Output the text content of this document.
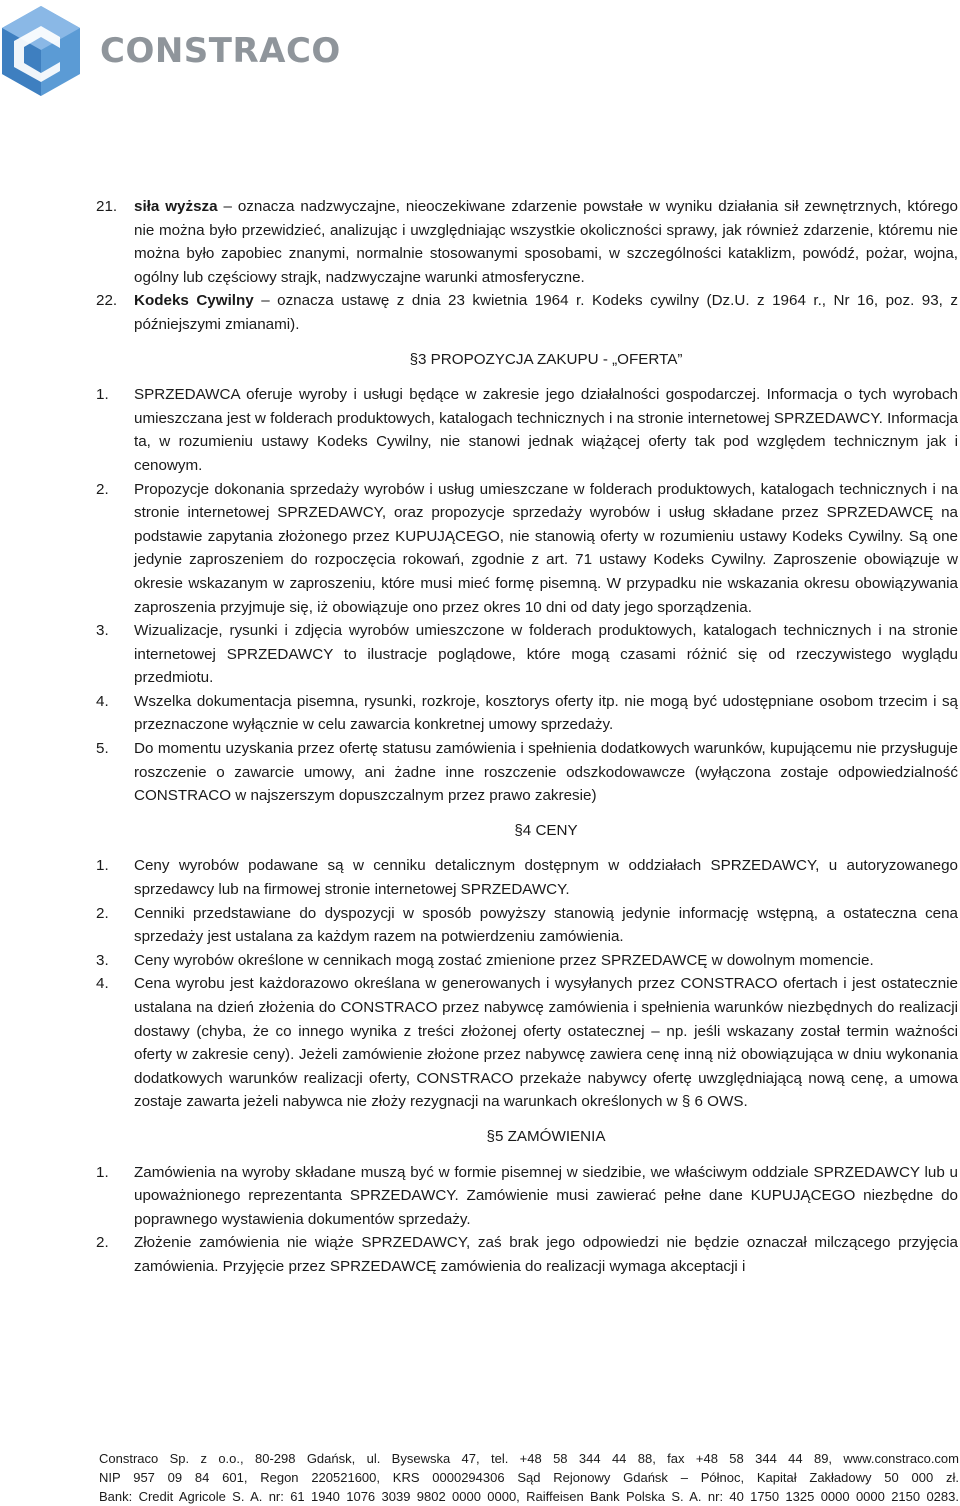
CONSTRACO
21.	siła wyższa – oznacza nadzwyczajne, nieoczekiwane zdarzenie powstałe w wyniku działania sił zewnętrznych, którego nie można było przewidzieć, analizując i uwzględniając wszystkie okoliczności sprawy, jak również zdarzenie, któremu nie można było zapobiec znanymi, normalnie stosowanymi sposobami, w szczególności kataklizm, powódź, pożar, wojna, ogólny lub częściowy strajk, nadzwyczajne warunki atmosferyczne.
22.	Kodeks Cywilny – oznacza ustawę z dnia 23 kwietnia 1964 r. Kodeks cywilny (Dz.U. z 1964 r., Nr 16, poz. 93, z późniejszymi zmianami).
§3 PROPOZYCJA ZAKUPU - „OFERTA”
1.	SPRZEDAWCA oferuje wyroby i usługi będące w zakresie jego działalności gospodarczej. Informacja o tych wyrobach umieszczana jest w folderach produktowych, katalogach technicznych i na stronie internetowej SPRZEDAWCY. Informacja ta, w rozumieniu ustawy Kodeks Cywilny, nie stanowi jednak wiążącej oferty tak pod względem technicznym jak i cenowym.
2.	Propozycje dokonania sprzedaży wyrobów i usług umieszczane w folderach produktowych, katalogach technicznych i na stronie internetowej SPRZEDAWCY, oraz propozycje sprzedaży wyrobów i usług składane przez SPRZEDAWCĘ na podstawie zapytania złożonego przez KUPUJĄCEGO, nie stanowią oferty w rozumieniu ustawy Kodeks Cywilny. Są one jedynie zaproszeniem do rozpoczęcia rokowań, zgodnie z art. 71 ustawy Kodeks Cywilny. Zaproszenie obowiązuje w okresie wskazanym w zaproszeniu, które musi mieć formę pisemną. W przypadku nie wskazania okresu obowiązywania zaproszenia przyjmuje się, iż obowiązuje ono przez okres 10 dni od daty jego sporządzenia.
3.	Wizualizacje, rysunki i zdjęcia wyrobów umieszczone w folderach produktowych, katalogach technicznych i na stronie internetowej SPRZEDAWCY to ilustracje poglądowe, które mogą czasami różnić się od rzeczywistego wyglądu przedmiotu.
4.	Wszelka dokumentacja pisemna, rysunki, rozkroje, kosztorys oferty itp. nie mogą być udostępniane osobom trzecim i są przeznaczone wyłącznie w celu zawarcia konkretnej umowy sprzedaży.
5.	Do momentu uzyskania przez ofertę statusu zamówienia i spełnienia dodatkowych warunków, kupującemu nie przysługuje roszczenie o zawarcie umowy, ani żadne inne roszczenie odszkodowawcze (wyłączona zostaje odpowiedzialność CONSTRACO w najszerszym dopuszczalnym przez prawo zakresie)
§4 CENY
1.	Ceny wyrobów podawane są w cenniku detalicznym dostępnym w oddziałach SPRZEDAWCY, u autoryzowanego sprzedawcy lub na firmowej stronie internetowej SPRZEDAWCY.
2.	Cenniki przedstawiane do dyspozycji w sposób powyższy stanowią jedynie informację wstępną, a ostateczna cena sprzedaży jest ustalana za każdym razem na potwierdzeniu zamówienia.
3.	Ceny wyrobów określone w cennikach mogą zostać zmienione przez SPRZEDAWCĘ w dowolnym momencie.
4.	Cena wyrobu jest każdorazowo określana w generowanych i wysyłanych przez CONSTRACO ofertach i jest ostatecznie ustalana na dzień złożenia do CONSTRACO przez nabywcę zamówienia i spełnienia warunków niezbędnych do realizacji dostawy (chyba, że co innego wynika z treści złożonej oferty ostatecznej – np. jeśli wskazany został termin ważności oferty w zakresie ceny). Jeżeli zamówienie złożone przez nabywcę zawiera cenę inną niż obowiązująca w dniu wykonania dodatkowych warunków realizacji oferty, CONSTRACO przekaże nabywcy ofertę uwzględniającą nową cenę, a umowa zostaje zawarta jeżeli nabywca nie złoży rezygnacji na warunkach określonych w § 6 OWS.
§5 ZAMÓWIENIA
1.	Zamówienia na wyroby składane muszą być w formie pisemnej w siedzibie, we właściwym oddziale SPRZEDAWCY lub u upoważnionego reprezentanta SPRZEDAWCY. Zamówienie musi zawierać pełne dane KUPUJĄCEGO niezbędne do poprawnego wystawienia dokumentów sprzedaży.
2.	Złożenie zamówienia nie wiąże SPRZEDAWCY, zaś brak jego odpowiedzi nie będzie oznaczał milczącego przyjęcia zamówienia. Przyjęcie przez SPRZEDAWCĘ zamówienia do realizacji wymaga akceptacji i
Constraco Sp. z o.o., 80-298 Gdańsk, ul. Bysewska 47, tel. +48 58 344 44 88, fax +48 58 344 44 89, www.constraco.com
NIP 957 09 84 601, Regon 220521600, KRS 0000294306 Sąd Rejonowy Gdańsk – Północ, Kapitał Zakładowy 50 000 zł.
Bank: Credit Agricole S. A. nr: 61 1940 1076 3039 9802 0000 0000, Raiffeisen Bank Polska S. A. nr: 40 1750 1325 0000 0000 2150 0283.
